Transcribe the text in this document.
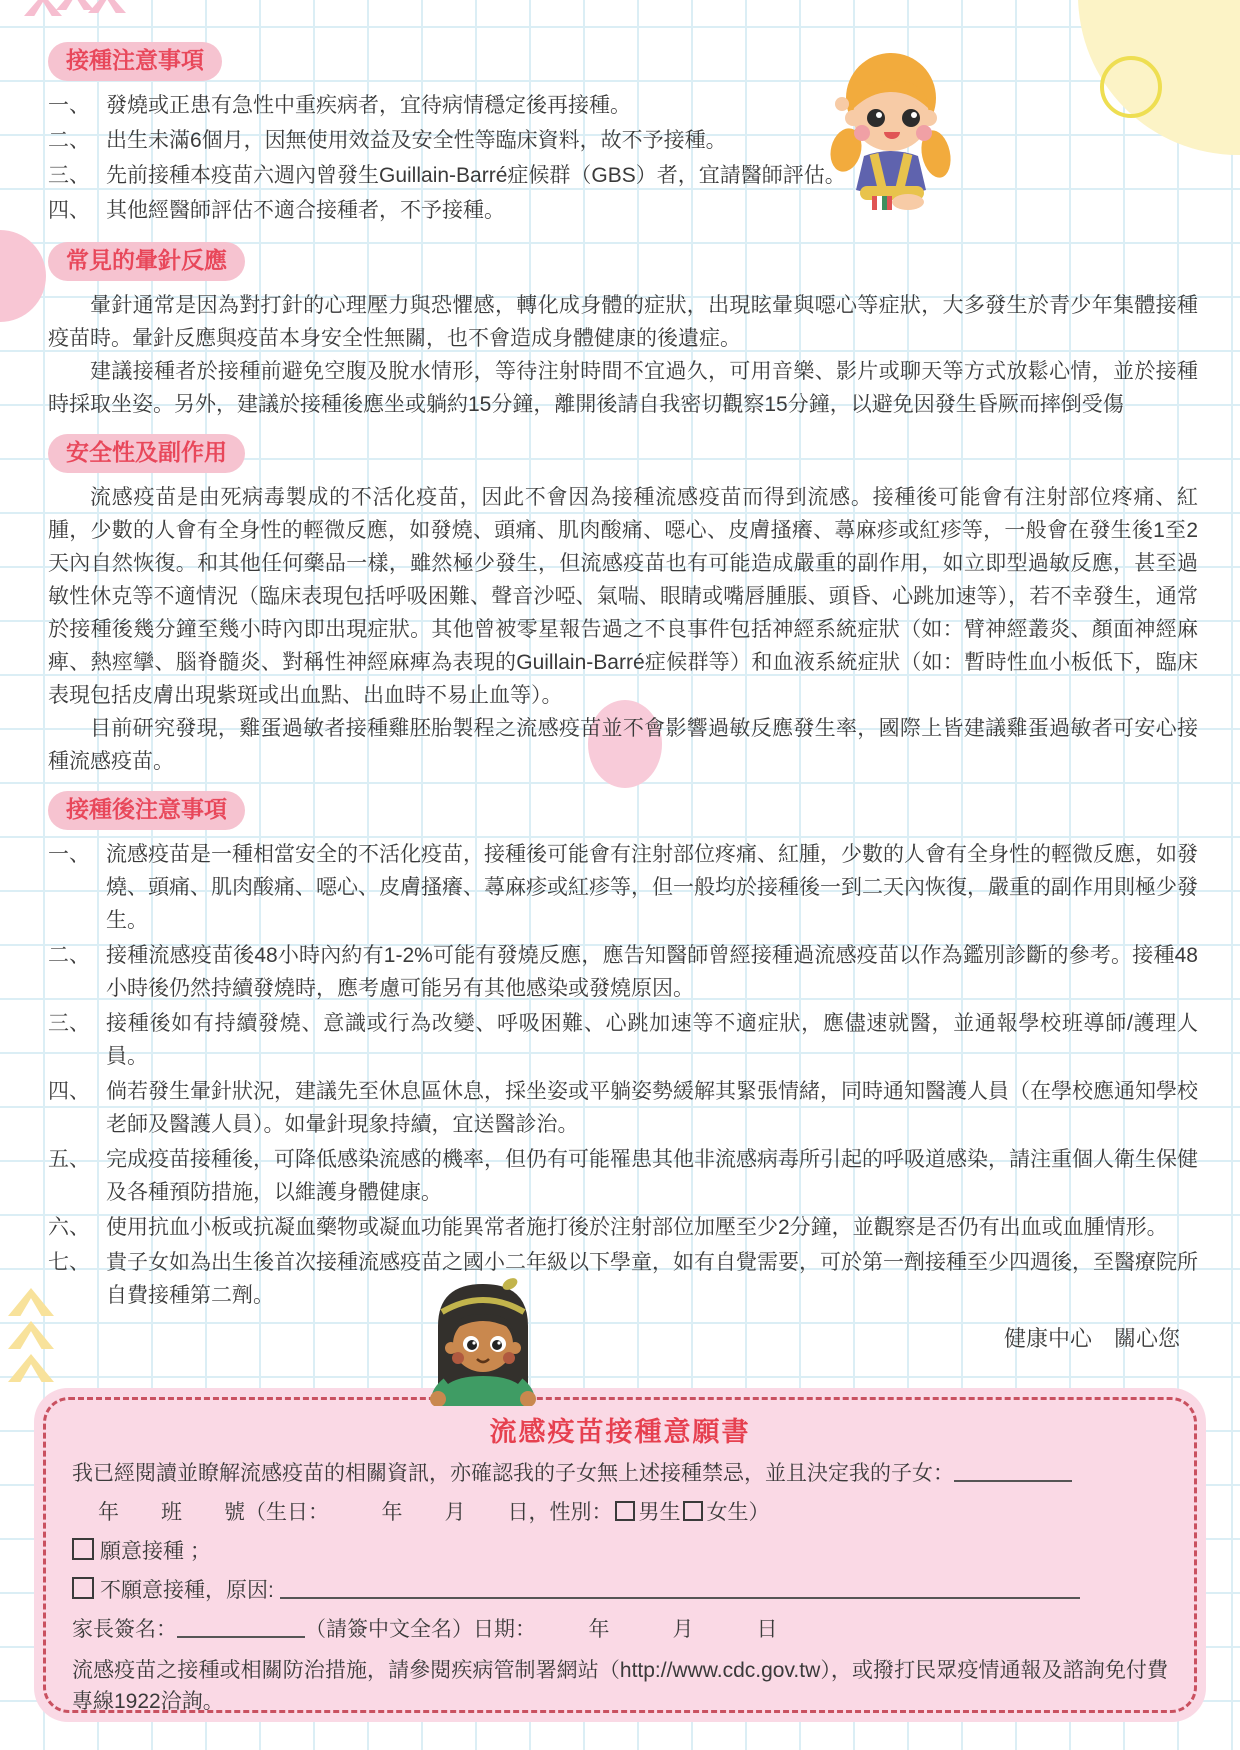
接種注意事項
一、 發燒或正患有急性中重疾病者，宜待病情穩定後再接種。
二、 出生未滿6個月，因無使用效益及安全性等臨床資料，故不予接種。
三、 先前接種本疫苗六週內曾發生Guillain-Barré症候群（GBS）者，宜請醫師評估。
四、 其他經醫師評估不適合接種者，不予接種。
常見的暈針反應

暈針通常是因為對打針的心理壓力與恐懼感，轉化成身體的症狀，出現眩暈與噁心等症狀，大多發生於青少年集體接種疫苗時。暈針反應與疫苗本身安全性無關，也不會造成身體健康的後遺症。

建議接種者於接種前避免空腹及脫水情形，等待注射時間不宜過久，可用音樂、影片或聊天等方式放鬆心情，並於接種時採取坐姿。另外，建議於接種後應坐或躺約15分鐘，離開後請自我密切觀察15分鐘，以避免因發生昏厥而摔倒受傷

安全性及副作用

流感疫苗是由死病毒製成的不活化疫苗，因此不會因為接種流感疫苗而得到流感。接種後可能會有注射部位疼痛、紅腫，少數的人會有全身性的輕微反應，如發燒、頭痛、肌肉酸痛、噁心、皮膚搔癢、蕁麻疹或紅疹等，一般會在發生後1至2天內自然恢復。和其他任何藥品一樣，雖然極少發生，但流感疫苗也有可能造成嚴重的副作用，如立即型過敏反應，甚至過敏性休克等不適情況（臨床表現包括呼吸困難、聲音沙啞、氣喘、眼睛或嘴唇腫脹、頭昏、心跳加速等），若不幸發生，通常於接種後幾分鐘至幾小時內即出現症狀。其他曾被零星報告過之不良事件包括神經系統症狀（如：臂神經叢炎、顏面神經麻痺、熱痙攣、腦脊髓炎、對稱性神經麻痺為表現的Guillain-Barré症候群等）和血液系統症狀（如：暫時性血小板低下，臨床表現包括皮膚出現紫斑或出血點、出血時不易止血等）。

目前研究發現，雞蛋過敏者接種雞胚胎製程之流感疫苗並不會影響過敏反應發生率，國際上皆建議雞蛋過敏者可安心接種流感疫苗。

接種後注意事項
一、 流感疫苗是一種相當安全的不活化疫苗，接種後可能會有注射部位疼痛、紅腫，少數的人會有全身性的輕微反應，如發燒、頭痛、肌肉酸痛、噁心、皮膚搔癢、蕁麻疹或紅疹等，但一般均於接種後一到二天內恢復，嚴重的副作用則極少發生。
二、 接種流感疫苗後48小時內約有1-2%可能有發燒反應，應告知醫師曾經接種過流感疫苗以作為鑑別診斷的參考。接種48小時後仍然持續發燒時，應考慮可能另有其他感染或發燒原因。
三、 接種後如有持續發燒、意識或行為改變、呼吸困難、心跳加速等不適症狀，應儘速就醫，並通報學校班導師/護理人員。
四、 倘若發生暈針狀況，建議先至休息區休息，採坐姿或平躺姿勢緩解其緊張情緒，同時通知醫護人員（在學校應通知學校老師及醫護人員）。如暈針現象持續，宜送醫診治。
五、 完成疫苗接種後，可降低感染流感的機率，但仍有可能罹患其他非流感病毒所引起的呼吸道感染，請注重個人衛生保健及各種預防措施，以維護身體健康。
六、 使用抗血小板或抗凝血藥物或凝血功能異常者施打後於注射部位加壓至少2分鐘，並觀察是否仍有出血或血腫情形。
七、 貴子女如為出生後首次接種流感疫苗之國小二年級以下學童，如有自覺需要，可於第一劑接種至少四週後，至醫療院所自費接種第二劑。
健康中心　關心您
流感疫苗接種意願書
我已經閱讀並瞭解流感疫苗的相關資訊，亦確認我的子女無上述接種禁忌，並且決定我的子女：
年　　班　　號（生日：　　　年　　月　　日，性別： 男生 女生）
願意接種 ；
不願意接種，原因:
家長簽名：	（請簽中文全名）日期：　　　年　　　月　　　日
流感疫苗之接種或相關防治措施，請參閱疾病管制署網站（http://www.cdc.gov.tw），或撥打民眾疫情通報及諮詢免付費專線1922洽詢。
